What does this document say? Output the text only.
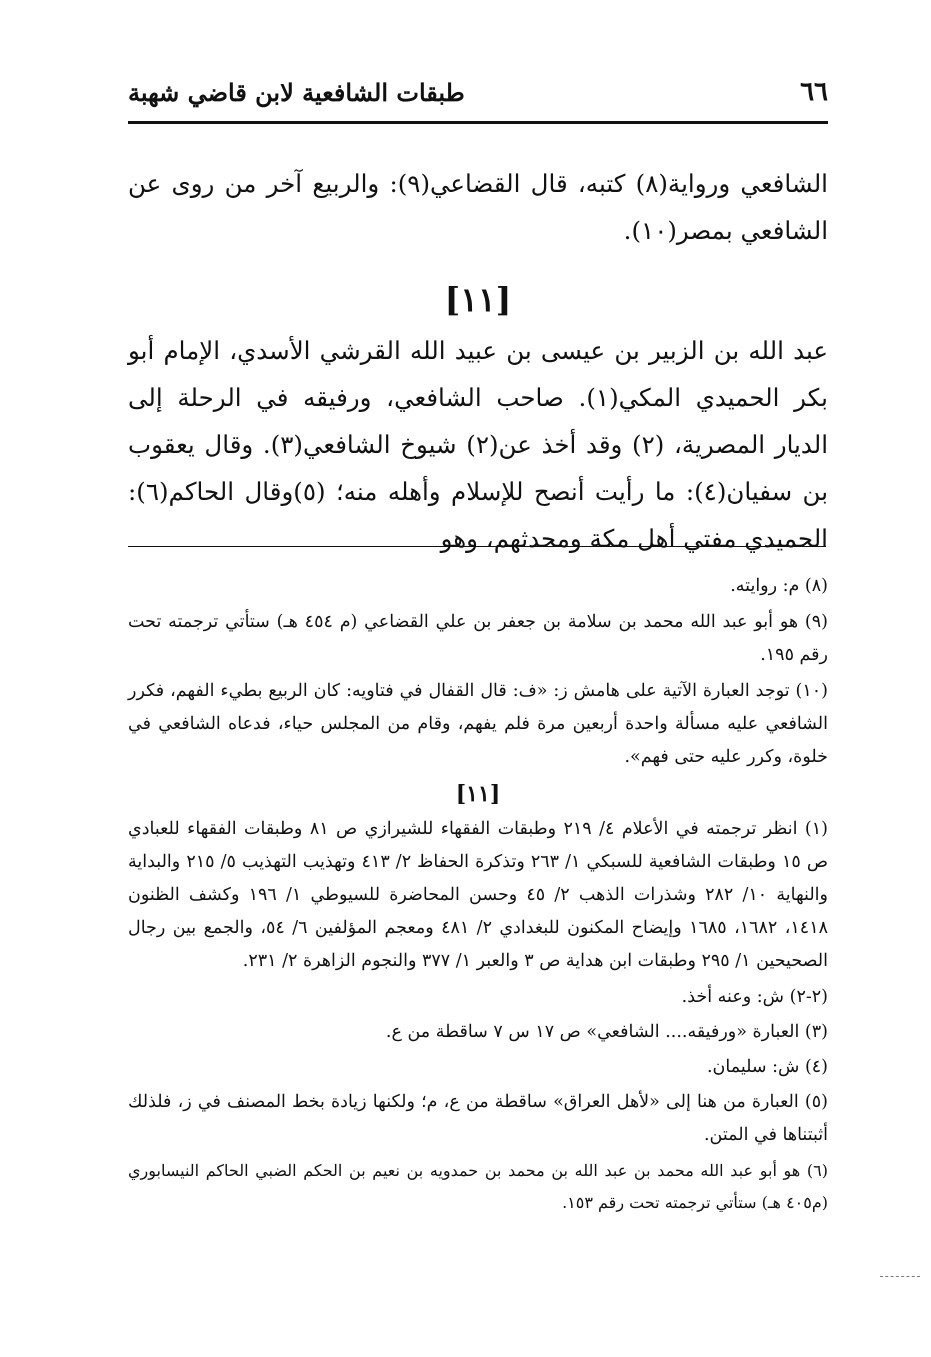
٦٦
طبقات الشافعية لابن قاضي شهبة

الشافعي ورواية(٨) كتبه، قال القضاعي(٩): والربيع آخر من روى عن الشافعي بمصر(١٠).

[١١]

عبد الله بن الزبير بن عيسى بن عبيد الله القرشي الأسدي، الإمام أبو بكر الحميدي المكي(١). صاحب الشافعي، ورفيقه في الرحلة إلى الديار المصرية، (٢) وقد أخذ عن(٢) شيوخ الشافعي(٣). وقال يعقوب بن سفيان(٤): ما رأيت أنصح للإسلام وأهله منه؛ (٥)وقال الحاكم(٦): الحميدي مفتي أهل مكة ومحدثهم، وهو

(٨) م: روايته.

(٩) هو أبو عبد الله محمد بن سلامة بن جعفر بن علي القضاعي (م ٤٥٤ هـ) ستأتي ترجمته تحت رقم ١٩٥.

(١٠) توجد العبارة الآتية على هامش ز: «ف: قال القفال في فتاويه: كان الربيع بطيء الفهم، فكرر الشافعي عليه مسألة واحدة أربعين مرة فلم يفهم، وقام من المجلس حياء، فدعاه الشافعي في خلوة، وكرر عليه حتى فهم».

[١١]

(١) انظر ترجمته في الأعلام ٤/ ٢١٩ وطبقات الفقهاء للشيرازي ص ٨١ وطبقات الفقهاء للعبادي ص ١٥ وطبقات الشافعية للسبكي ١/ ٢٦٣ وتذكرة الحفاظ ٢/ ٤١٣ وتهذيب التهذيب ٥/ ٢١٥ والبداية والنهاية ١٠/ ٢٨٢ وشذرات الذهب ٢/ ٤٥ وحسن المحاضرة للسيوطي ١/ ١٩٦ وكشف الظنون ١٤١٨، ١٦٨٢، ١٦٨٥ وإيضاح المكنون للبغدادي ٢/ ٤٨١ ومعجم المؤلفين ٦/ ٥٤، والجمع بين رجال الصحيحين ١/ ٢٩٥ وطبقات ابن هداية ص ٣ والعبر ١/ ٣٧٧ والنجوم الزاهرة ٢/ ٢٣١.

(٢-٢) ش: وعنه أخذ.

(٣) العبارة «ورفيقه.... الشافعي» ص ١٧ س ٧ ساقطة من ع.

(٤) ش: سليمان.

(٥) العبارة من هنا إلى «لأهل العراق» ساقطة من ع، م؛ ولكنها زيادة بخط المصنف في ز، فلذلك أثبتناها في المتن.

(٦) هو أبو عبد الله محمد بن عبد الله بن محمد بن حمدويه بن نعيم بن الحكم الضبي الحاكم النيسابوري (م٤٠٥ هـ) ستأتي ترجمته تحت رقم ١٥٣.
